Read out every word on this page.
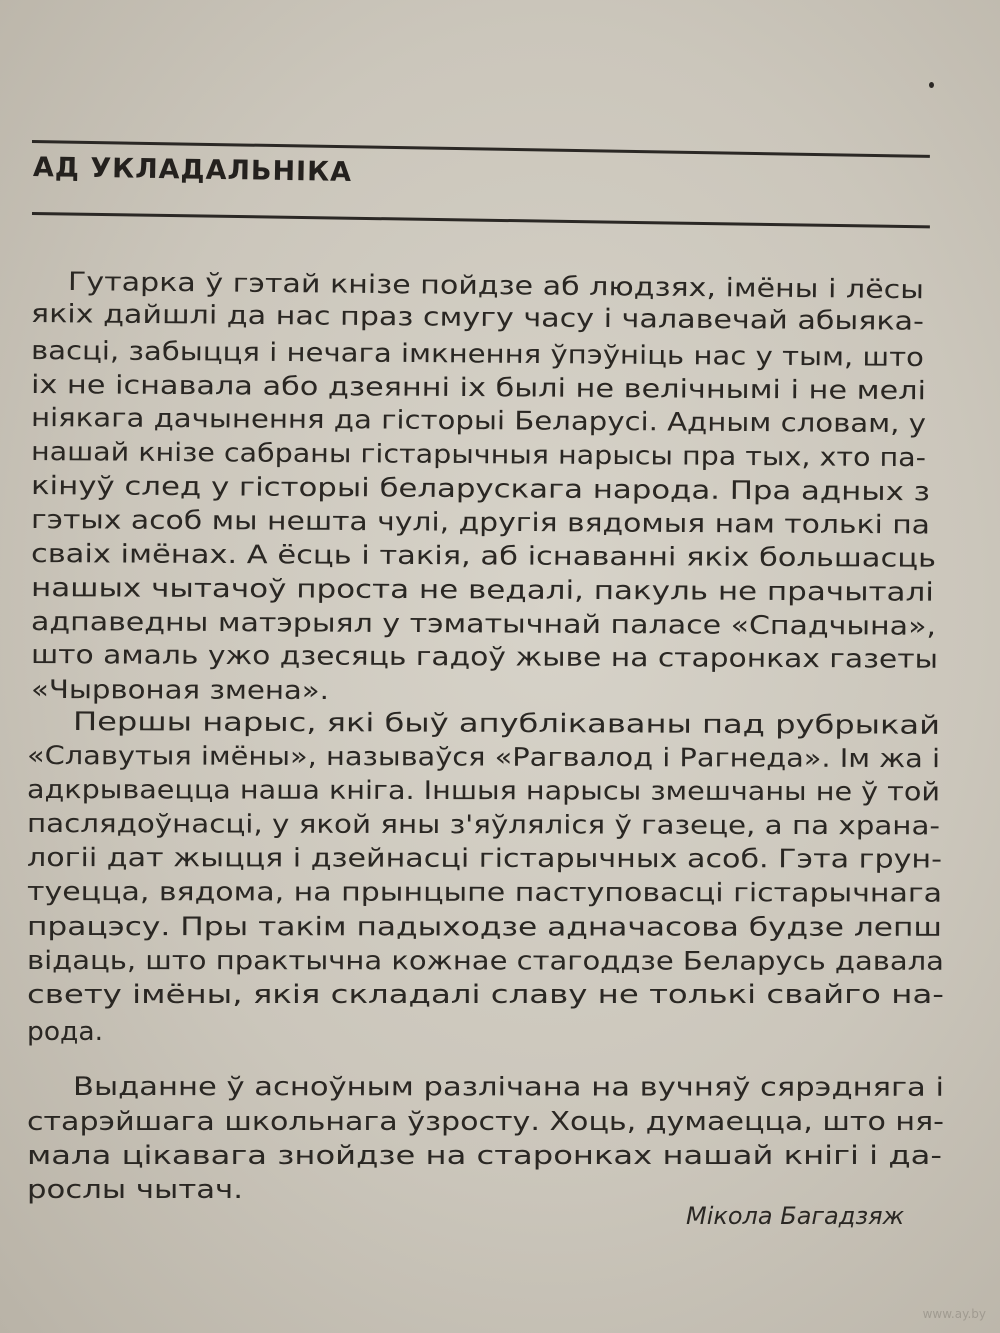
АД УКЛАДАЛЬНІКА
Гутарка ў гэтай кнізе пойдзе аб людзях, імёны і лёсы
якіх дайшлі да нас праз смугу часу і чалавечай абыяка-
васці, забыцця і нечага імкнення ўпэўніць нас у тым, што
іх не існавала або дзеянні іх былі не велічнымі і не мелі
ніякага дачынення да гісторыі Беларусі. Адным словам, у
нашай кнізе сабраны гістарычныя нарысы пра тых, хто па-
кінуў след у гісторыі беларускага народа. Пра адных з
гэтых асоб мы нешта чулі, другія вядомыя нам толькі па
сваіх імёнах. А ёсць і такія, аб існаванні якіх большасць
нашых чытачоў проста не ведалі, пакуль не прачыталі
адпаведны матэрыял у тэматычнай паласе «Спадчына»,
што амаль ужо дзесяць гадоў жыве на старонках газеты
«Чырвоная змена».
Першы нарыс, які быў апублікаваны пад рубрыкай
«Славутыя імёны», называўся «Рагвалод і Рагнеда». Ім жа і
адкрываецца наша кніга. Іншыя нарысы змешчаны не ў той
паслядоўнасці, у якой яны з'яўляліся ў газеце, а па храна-
логіі дат жыцця і дзейнасці гістарычных асоб. Гэта грун-
туецца, вядома, на прынцыпе паступовасці гістарычнага
працэсу. Пры такім падыходзе адначасова будзе лепш
відаць, што практычна кожнае стагоддзе Беларусь давала
свету імёны, якія складалі славу не толькі свайго на-
рода.
Выданне ў асноўным разлічана на вучняў сярэдняга і
старэйшага школьнага ўзросту. Хоць, думаецца, што ня-
мала цікавага знойдзе на старонках нашай кнігі і да-
рослы чытач.
Мікола Багадзяж
www.ay.by
